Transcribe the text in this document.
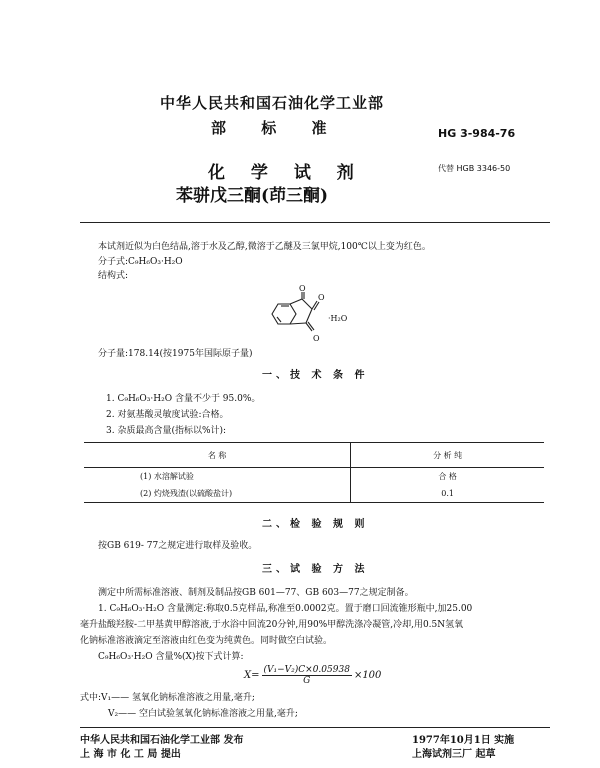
中华人民共和国石油化学工业部
部 标 准	HG 3-984-76
化 学 试 剂
苯骈戊三酮(茚三酮)
代替 HGB 3346-50
本试剂近似为白色结晶,溶于水及乙醇,微溶于乙醚及三氯甲烷,100℃以上变为红色。
分子式:C₉H₆O₃·H₂O
结构式:
O
O
O
·H₂O
分子量:178.14(按1975年国际原子量)
一、技 术 条 件
1. C₉H₆O₃·H₂O 含量不少于 95.0%。
2. 对氨基酸灵敏度试验:合格。
3. 杂质最高含量(指标以%计):
名 称	分 析 纯
(1) 水溶解试验	合 格
(2) 灼烧残渣(以硫酸盐计)	0.1
二、检 验 规 则
按GB 619- 77之规定进行取样及验收。
三、试 验 方 法
测定中所需标准溶液、制剂及制品按GB 601—77、GB 603—77之规定制备。
1. C₉H₆O₃·H₂O 含量测定:称取0.5克样品,称准至0.0002克。置于磨口回流锥形瓶中,加25.00
毫升盐酸羟胺-二甲基黄甲醇溶液,于水浴中回流20分钟,用90%甲醇洗涤冷凝管,冷却,用0.5N氢氧
化钠标准溶液滴定至溶液由红色变为纯黄色。同时做空白试验。
C₉H₆O₃·H₂O 含量%(X)按下式计算:
$X= \frac{\text{(V₁−V₂)C×0.05938}}{G} \times 100$
式中:V₁—— 氢氧化钠标准溶液之用量,毫升;
V₂—— 空白试验氢氧化钠标准溶液之用量,毫升;
中华人民共和国石油化学工业部 发布
上 海 市 化 工 局 提出
1977年10月1日 实施
上海试剂三厂 起草
